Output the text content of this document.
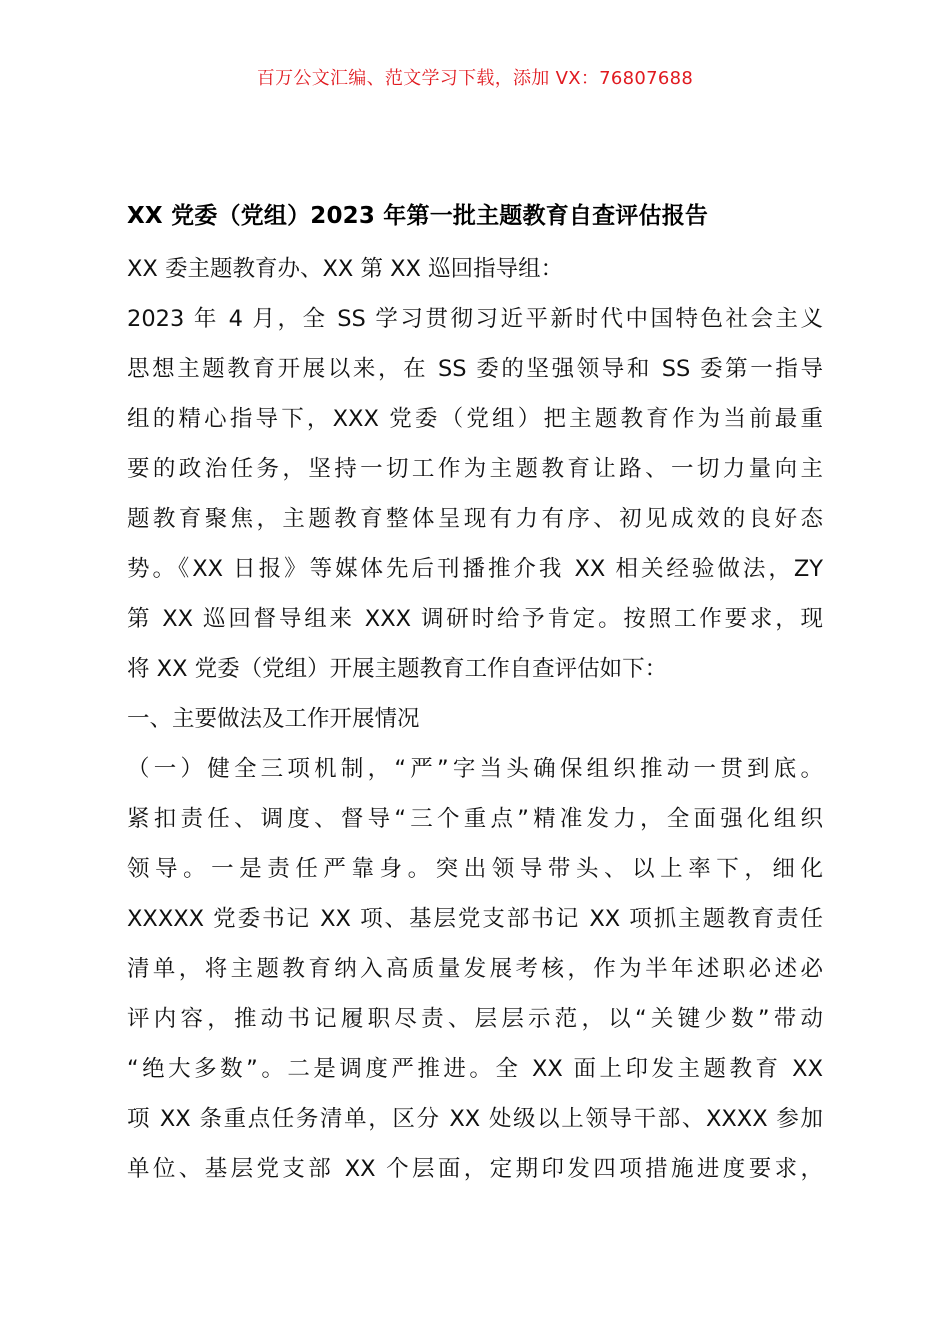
百万公文汇编、范文学习下载，添加 VX：76807688
XX 党委（党组）2023 年第一批主题教育自查评估报告
XX 委主题教育办、XX 第 XX 巡回指导组：
2023 年 4 月，全 SS 学习贯彻习近平新时代中国特色社会主义
思想主题教育开展以来，在 SS 委的坚强领导和 SS 委第一指导
组的精心指导下，XXX 党委（党组）把主题教育作为当前最重
要的政治任务，坚持一切工作为主题教育让路、一切力量向主
题教育聚焦，主题教育整体呈现有力有序、初见成效的良好态
势。《XX 日报》等媒体先后刊播推介我 XX 相关经验做法，ZY
第 XX 巡回督导组来 XXX 调研时给予肯定。按照工作要求，现
将 XX 党委（党组）开展主题教育工作自查评估如下：
一、主要做法及工作开展情况
（一）健全三项机制，“严”字当头确保组织推动一贯到底。
紧扣责任、调度、督导“三个重点”精准发力，全面强化组织
领导。一是责任严靠身。突出领导带头、以上率下，细化
XXXXX 党委书记 XX 项、基层党支部书记 XX 项抓主题教育责任
清单，将主题教育纳入高质量发展考核，作为半年述职必述必
评内容，推动书记履职尽责、层层示范，以“关键少数”带动
“绝大多数”。二是调度严推进。全 XX 面上印发主题教育 XX
项 XX 条重点任务清单，区分 XX 处级以上领导干部、XXXX 参加
单位、基层党支部 XX 个层面，定期印发四项措施进度要求，
